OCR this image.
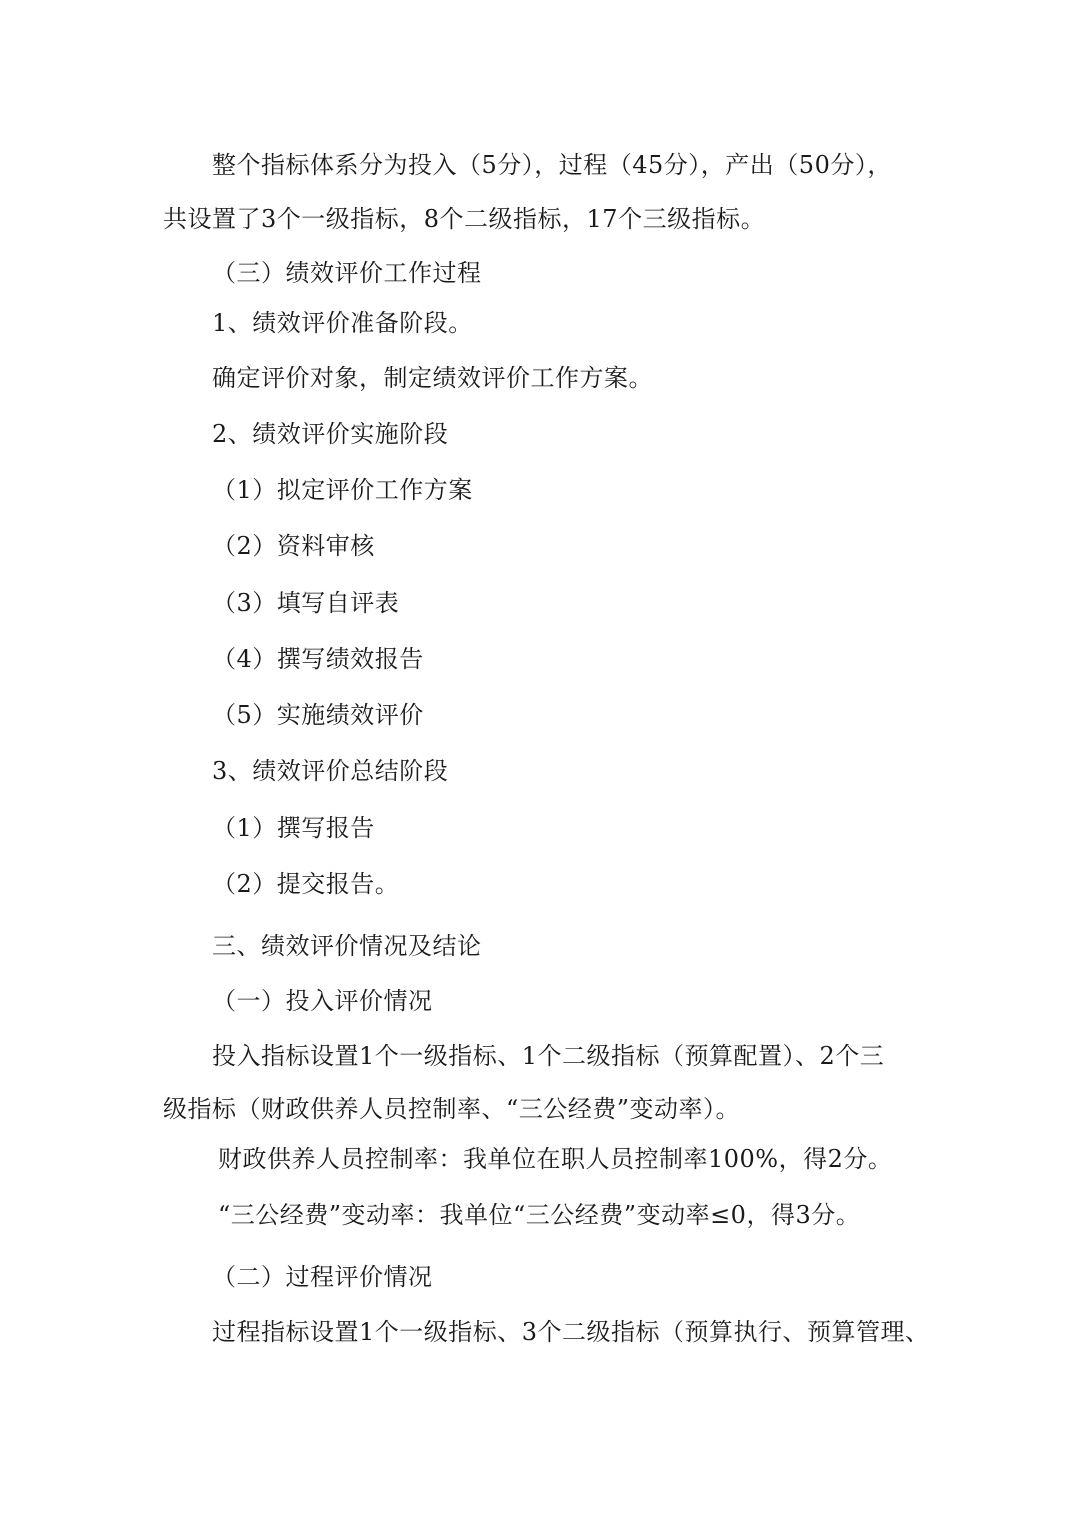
整个指标体系分为投入（5分），过程（45分），产出（50分），
共设置了3个一级指标，8个二级指标，17个三级指标。
（三）绩效评价工作过程
1、绩效评价准备阶段。
确定评价对象，制定绩效评价工作方案。
2、绩效评价实施阶段
（1）拟定评价工作方案
（2）资料审核
（3）填写自评表
（4）撰写绩效报告
（5）实施绩效评价
3、绩效评价总结阶段
（1）撰写报告
（2）提交报告。
三、绩效评价情况及结论
（一）投入评价情况
投入指标设置1个一级指标、1个二级指标（预算配置）、2个三
级指标（财政供养人员控制率、“三公经费”变动率）。
财政供养人员控制率：我单位在职人员控制率100%，得2分。
“三公经费”变动率：我单位“三公经费”变动率≤0，得3分。
（二）过程评价情况
过程指标设置1个一级指标、3个二级指标（预算执行、预算管理、
